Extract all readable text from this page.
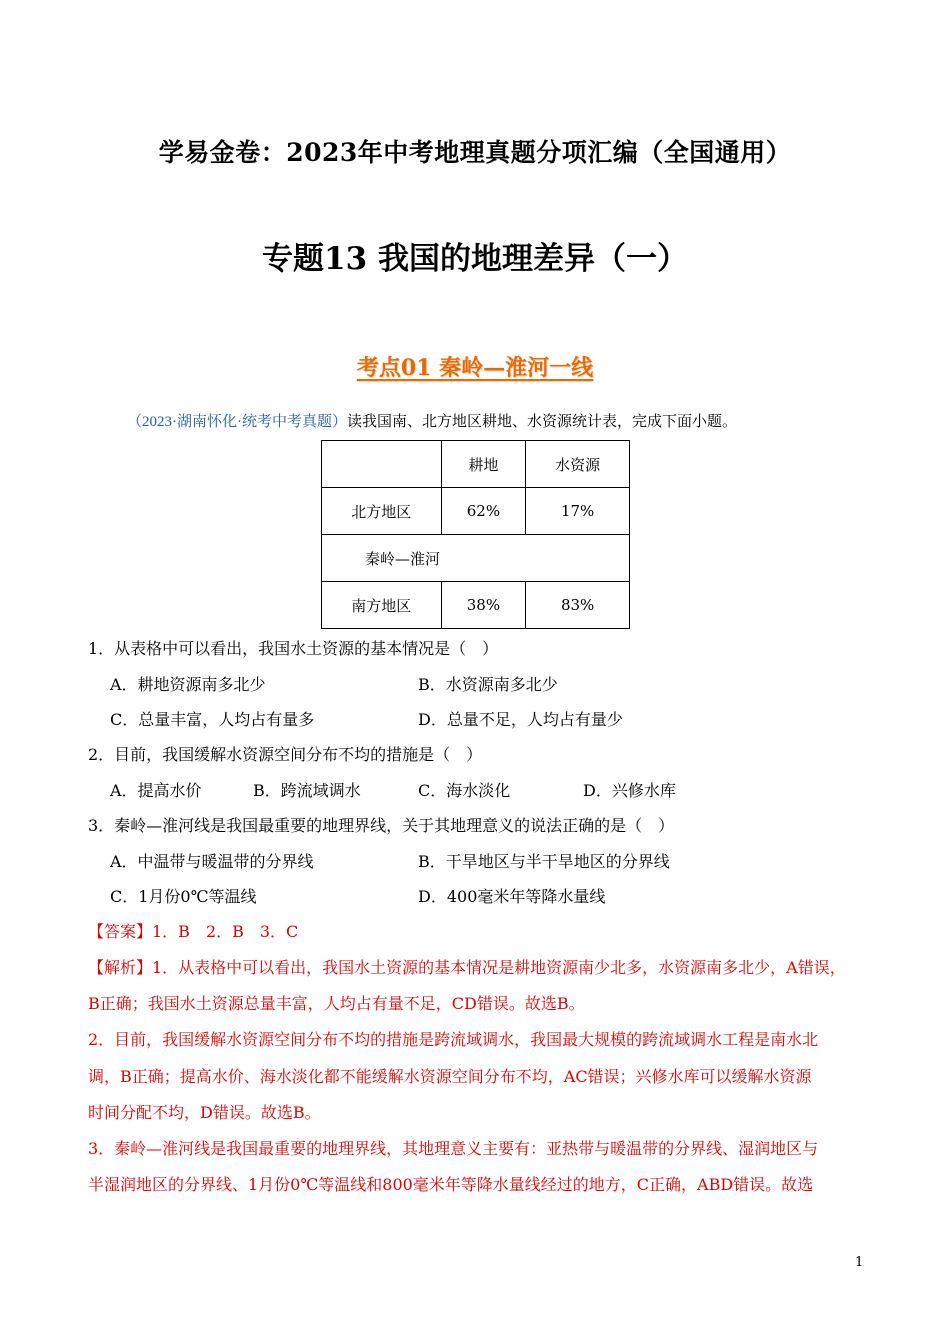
学易金卷：2023年中考地理真题分项汇编（全国通用）
专题13 我国的地理差异（一）
考点01 秦岭—淮河一线
（2023·湖南怀化·统考中考真题）读我国南、北方地区耕地、水资源统计表，完成下面小题。
	耕地	水资源
北方地区	62%	17%
秦岭—淮河		
南方地区	38%	83%
1．从表格中可以看出，我国水土资源的基本情况是（　）
A．耕地资源南多北少	B．水资源南多北少
C．总量丰富，人均占有量多	D．总量不足，人均占有量少
2．目前，我国缓解水资源空间分布不均的措施是（　）
A．提高水价	B．跨流域调水	C．海水淡化	D．兴修水库
3．秦岭—淮河线是我国最重要的地理界线，关于其地理意义的说法正确的是（　）
A．中温带与暖温带的分界线	B．干旱地区与半干旱地区的分界线
C．1月份0℃等温线	D．400毫米年等降水量线
【答案】1．B　2．B　3．C
【解析】1．从表格中可以看出，我国水土资源的基本情况是耕地资源南少北多，水资源南多北少，A错误，
B正确；我国水土资源总量丰富，人均占有量不足，CD错误。故选B。
2．目前，我国缓解水资源空间分布不均的措施是跨流域调水，我国最大规模的跨流域调水工程是南水北
调，B正确；提高水价、海水淡化都不能缓解水资源空间分布不均，AC错误；兴修水库可以缓解水资源
时间分配不均，D错误。故选B。
3．秦岭—淮河线是我国最重要的地理界线，其地理意义主要有：亚热带与暖温带的分界线、湿润地区与
半湿润地区的分界线、1月份0℃等温线和800毫米年等降水量线经过的地方，C正确，ABD错误。故选
1
